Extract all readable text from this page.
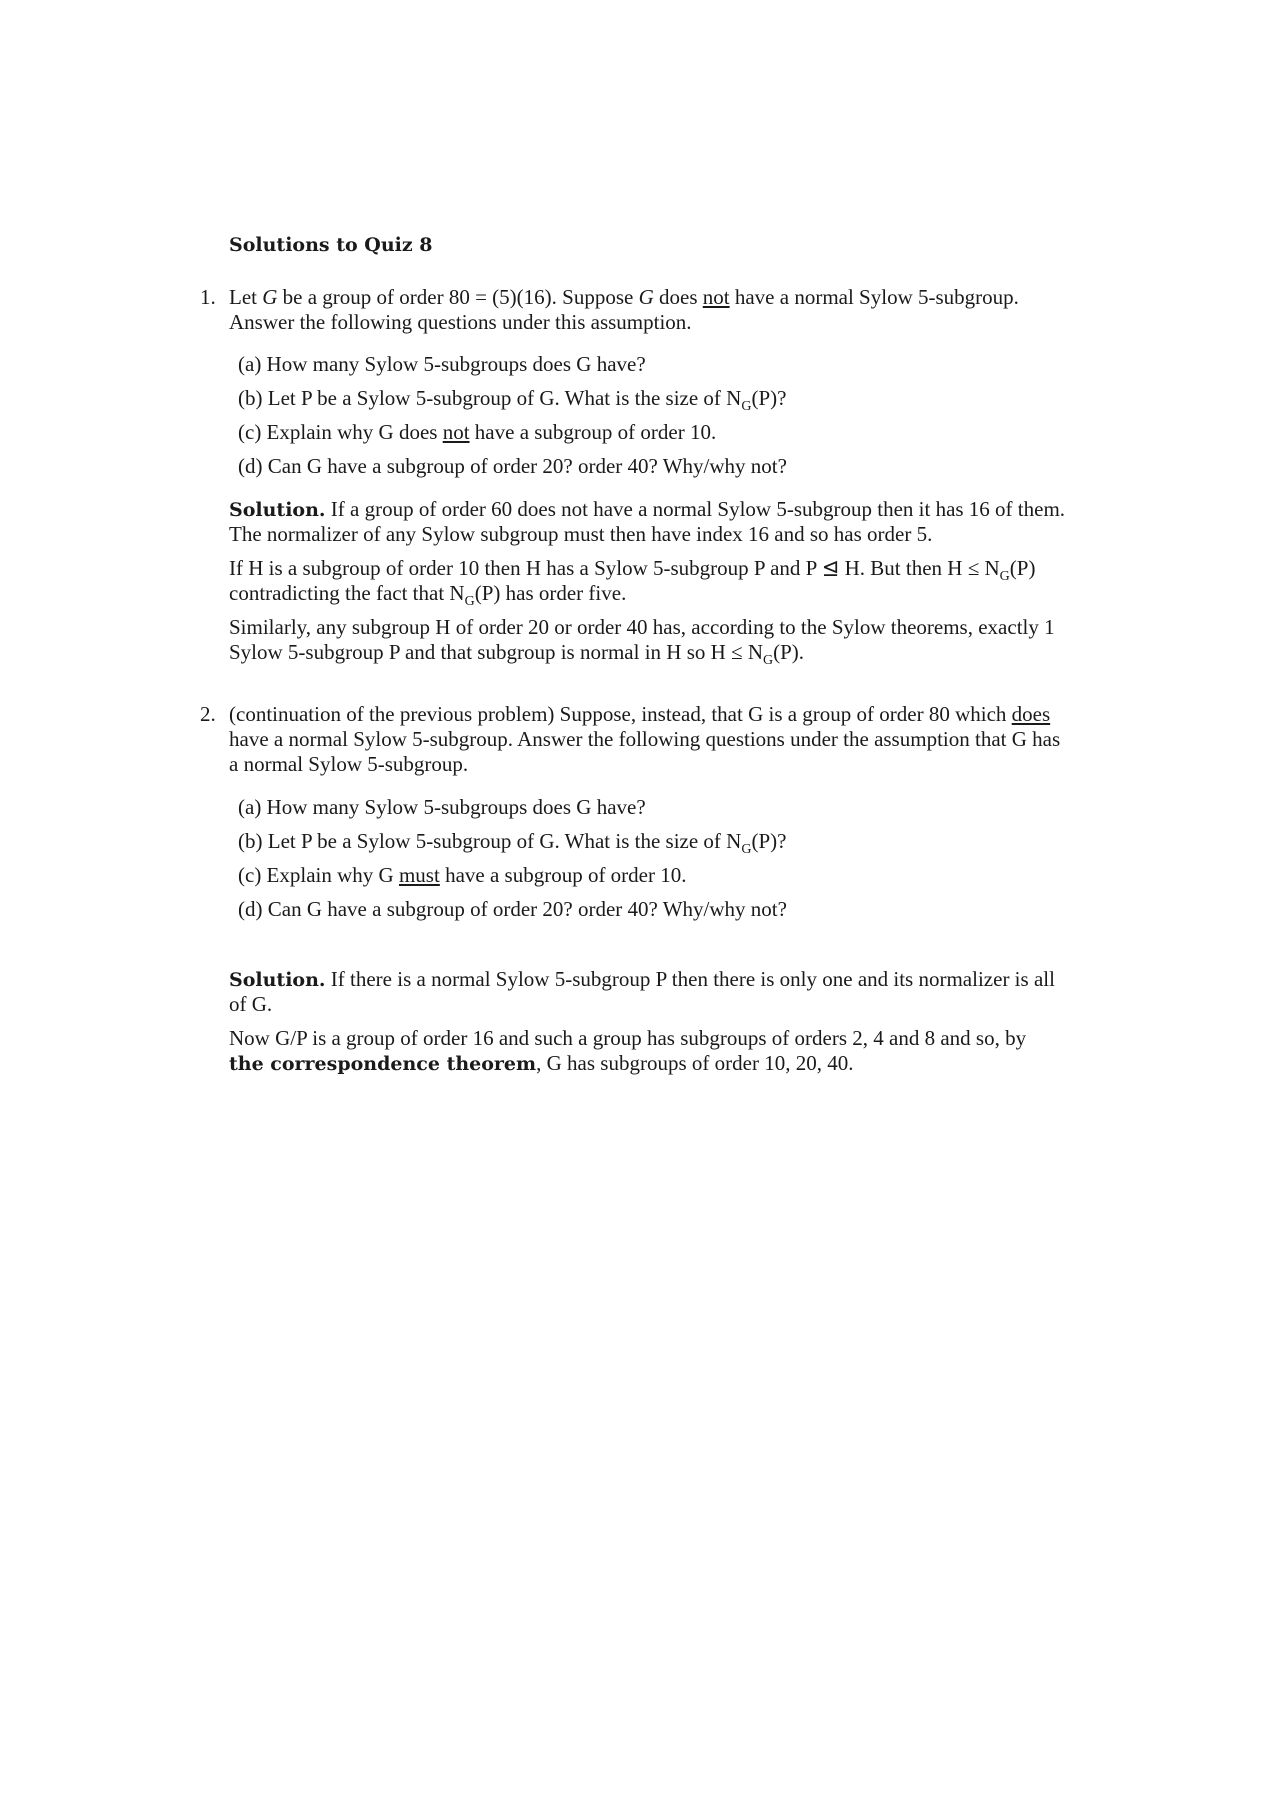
Solutions to Quiz 8
1. Let G be a group of order 80 = (5)(16). Suppose G does not have a normal Sylow 5-subgroup.
Answer the following questions under this assumption.
(a) How many Sylow 5-subgroups does G have?
(b) Let P be a Sylow 5-subgroup of G. What is the size of $N_G(P)$?
(c) Explain why G does not have a subgroup of order 10.
(d) Can G have a subgroup of order 20? order 40? Why/why not?
Solution. If a group of order 60 does not have a normal Sylow 5-subgroup then it has 16 of them.
The normalizer of any Sylow subgroup must then have index 16 and so has order 5.
If H is a subgroup of order 10 then H has a Sylow 5-subgroup P and P ⊴ H. But then $H \le N_G(P)$
contradicting the fact that $N_G(P)$ has order five.
Similarly, any subgroup H of order 20 or order 40 has, according to the Sylow theorems, exactly 1
Sylow 5-subgroup P and that subgroup is normal in H so $H \le N_G(P)$.
2. (continuation of the previous problem) Suppose, instead, that G is a group of order 80 which does
have a normal Sylow 5-subgroup. Answer the following questions under the assumption that G has
a normal Sylow 5-subgroup.
(a) How many Sylow 5-subgroups does G have?
(b) Let P be a Sylow 5-subgroup of G. What is the size of $N_G(P)$?
(c) Explain why G must have a subgroup of order 10.
(d) Can G have a subgroup of order 20? order 40? Why/why not?
Solution. If there is a normal Sylow 5-subgroup P then there is only one and its normalizer is all
of G.
Now G/P is a group of order 16 and such a group has subgroups of orders 2, 4 and 8 and so, by
the correspondence theorem, G has subgroups of order 10, 20, 40.
